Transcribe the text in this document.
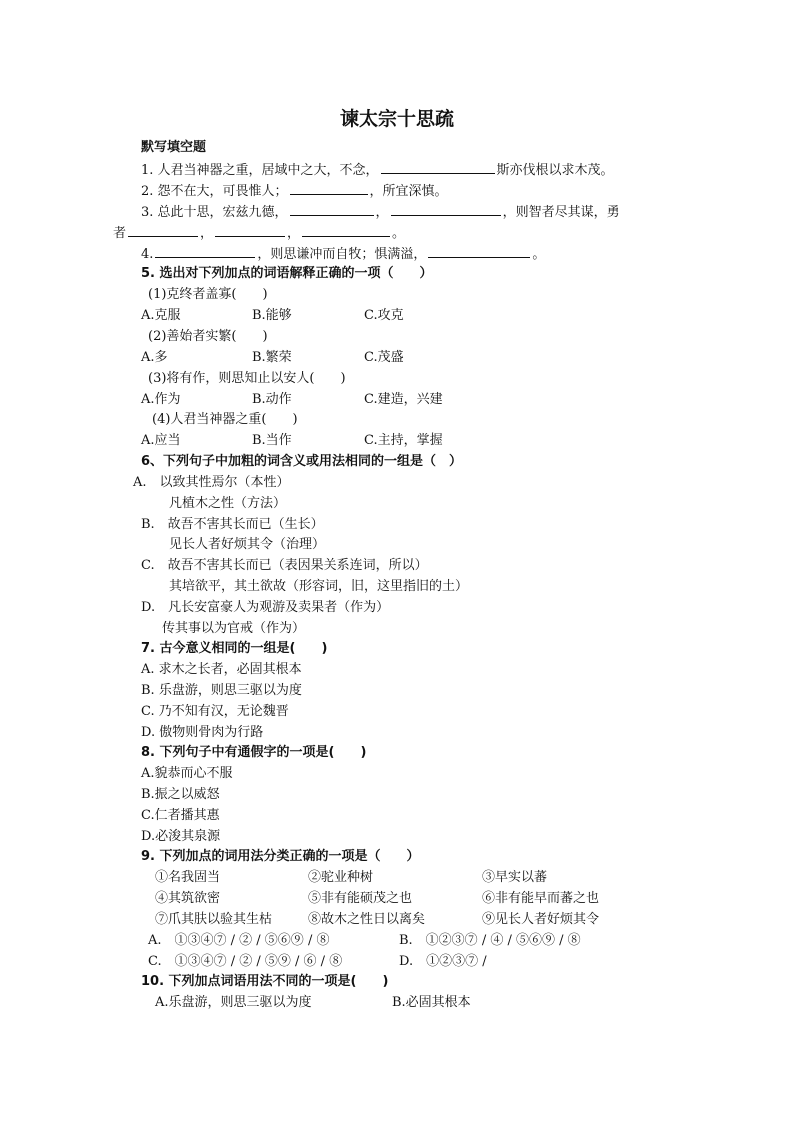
谏太宗十思疏
默写填空题
1. 人君当神器之重，居域中之大，不念，	斯亦伐根以求木茂。
2. 怨不在大，可畏惟人；	，所宜深慎。
3. 总此十思，宏兹九德，	，	，则智者尽其谋，勇
者	，	，	。
4.	，则思谦冲而自牧；惧满溢，	。
5. 选出对下列加点的词语解释正确的一项（　　）
(1)克终者盖寡(　　)
A.克服	B.能够	C.攻克
(2)善始者实繁(　　)
A.多	B.繁荣	C.茂盛
(3)将有作，则思知止以安人(　　)
A.作为	B.动作	C.建造，兴建
(4)人君当神器之重(　　)
A.应当	B.当作	C.主持，掌握
6、下列句子中加粗的词含义或用法相同的一组是（　）
A.　以致其性焉尔（本性）
凡植木之性（方法）
B.　故吾不害其长而已（生长）
见长人者好烦其令（治理）
C.　故吾不害其长而已（表因果关系连词，所以）
其培欲平，其土欲故（形容词，旧，这里指旧的土）
D.　凡长安富豪人为观游及卖果者（作为）
传其事以为官戒（作为）
7. 古今意义相同的一组是(　　)
A. 求木之长者，必固其根本
B. 乐盘游，则思三驱以为度
C. 乃不知有汉，无论魏晋
D. 傲物则骨肉为行路
8. 下列句子中有通假字的一项是(　　)
A.貌恭而心不服
B.振之以威怒
C.仁者播其惠
D.必浚其泉源
9. 下列加点的词用法分类正确的一项是（　　）
①名我固当	②驼业种树	③早实以蕃
④其筑欲密	⑤非有能硕茂之也	⑥非有能早而蕃之也
⑦爪其肤以验其生枯	⑧故木之性日以离矣	⑨见长人者好烦其令
A.　①③④⑦ / ② / ⑤⑥⑨ / ⑧	B.　①②③⑦ / ④ / ⑤⑥⑨ / ⑧
C.　①③④⑦ / ② / ⑤⑨ / ⑥ / ⑧	D.　①②③⑦ /
10. 下列加点词语用法不同的一项是(　　)
A.乐盘游，则思三驱以为度	B.必固其根本
